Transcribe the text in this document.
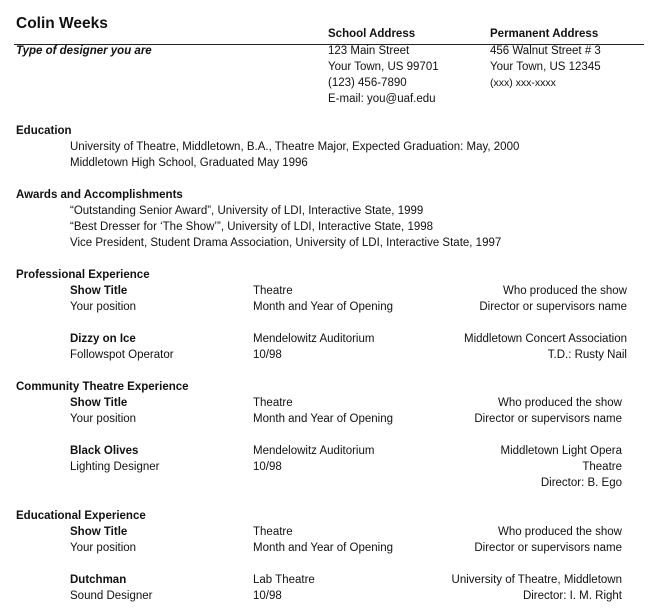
Colin Weeks
School Address	Permanent Address
Type of designer you are	123 Main Street
Your Town, US 99701
(123) 456-7890
E-mail: you@uaf.edu
456 Walnut Street # 3
Your Town, US 12345
(xxx) xxx-xxxx
Education
University of Theatre, Middletown, B.A., Theatre Major, Expected Graduation: May, 2000
Middletown High School, Graduated May 1996
Awards and Accomplishments
“Outstanding Senior Award”, University of LDI, Interactive State, 1999
“Best Dresser for ‘The Show’”, University of LDI, Interactive State, 1998
Vice President, Student Drama Association, University of LDI, Interactive State, 1997
Professional Experience
Show Title
Your position
Theatre
Month and Year of Opening
Who produced the show
Director or supervisors name
Dizzy on Ice
Followspot Operator
Mendelowitz Auditorium
10/98
Middletown Concert Association
T.D.: Rusty Nail
Community Theatre Experience
Show Title
Your position
Theatre
Month and Year of Opening
Who produced the show
Director or supervisors name
Black Olives
Lighting Designer
Mendelowitz Auditorium
10/98
Middletown Light Opera
Theatre
Director: B. Ego
Educational Experience
Show Title
Your position
Theatre
Month and Year of Opening
Who produced the show
Director or supervisors name
Dutchman
Sound Designer
Lab Theatre
10/98
University of Theatre, Middletown
Director: I. M. Right
